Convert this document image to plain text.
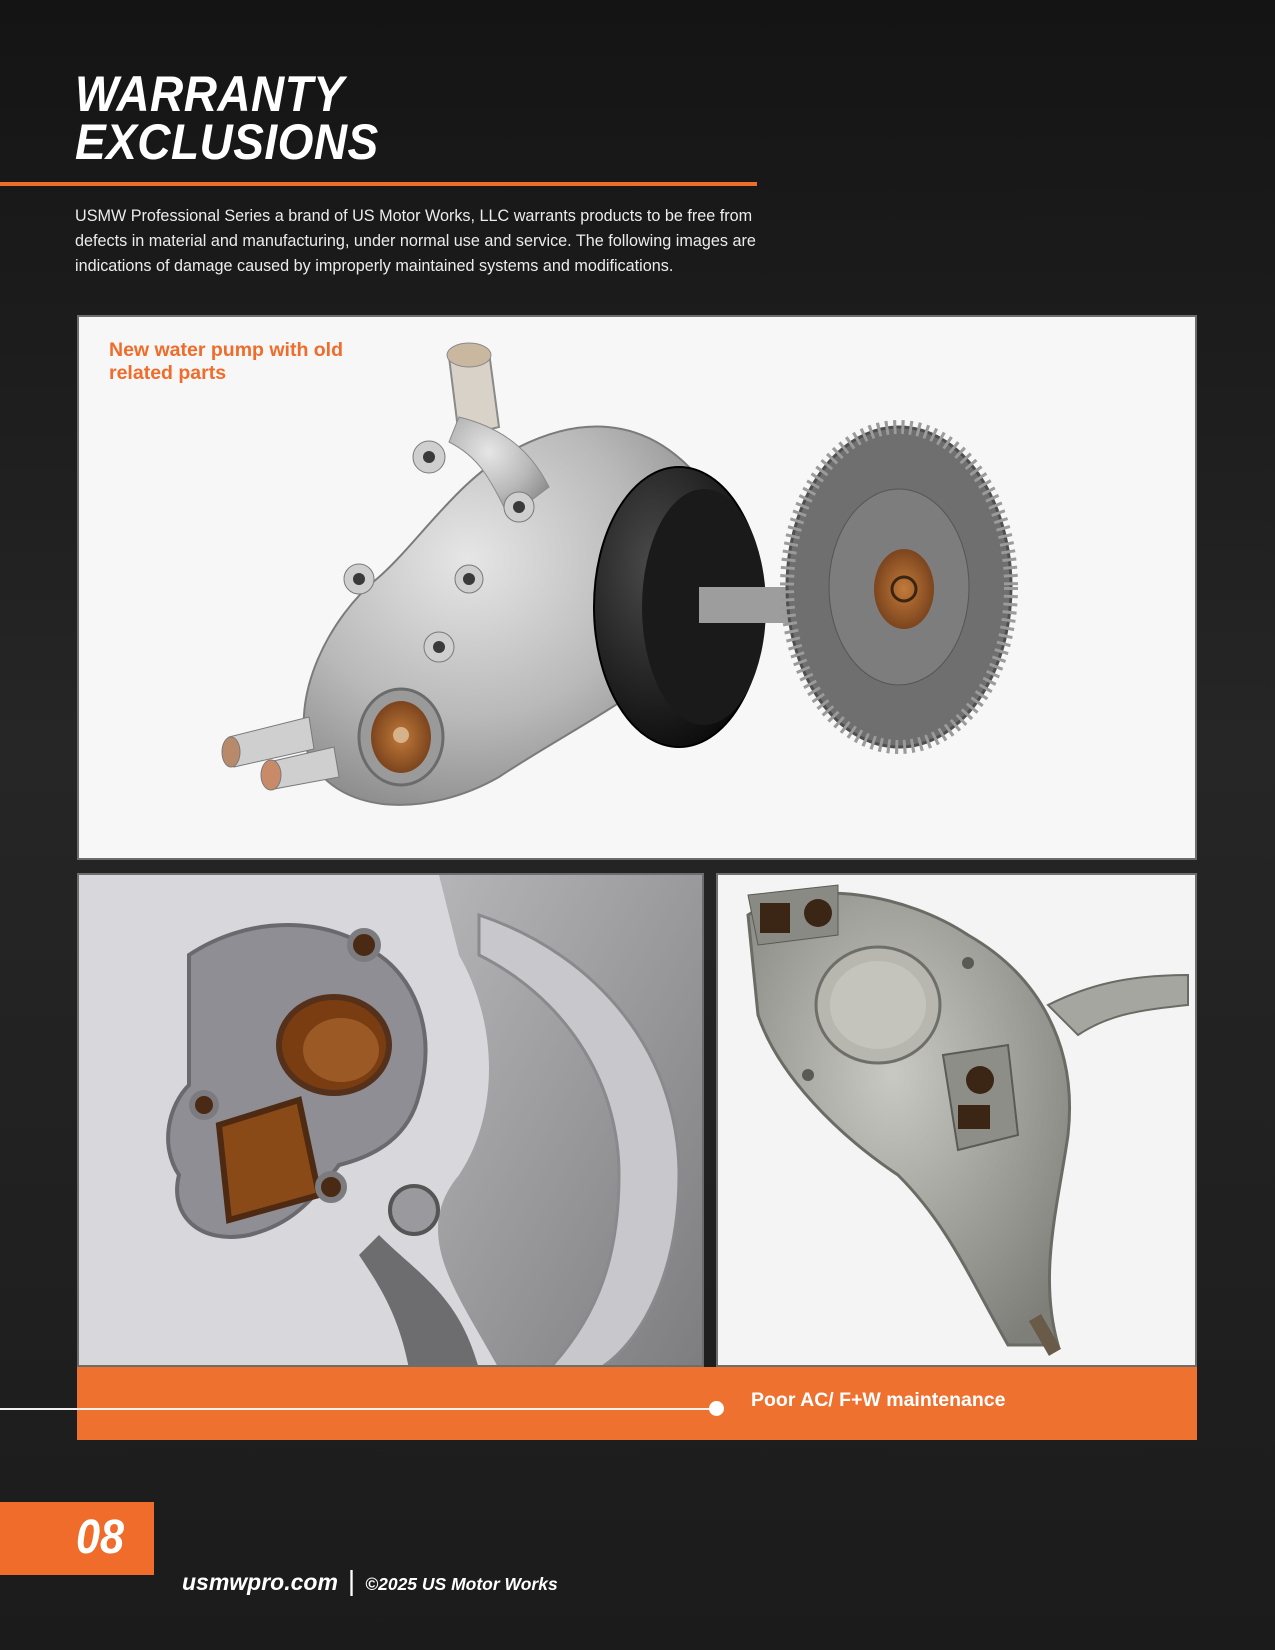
WARRANTY
EXCLUSIONS

USMW Professional Series a brand of US Motor Works, LLC warrants products to be free from defects in material and manufacturing, under normal use and service. The following images are indications of damage caused by improperly maintained systems and modifications.

New water pump with old related parts

Poor AC/ F+W maintenance
08
usmwpro.com | ©2025 US Motor Works
